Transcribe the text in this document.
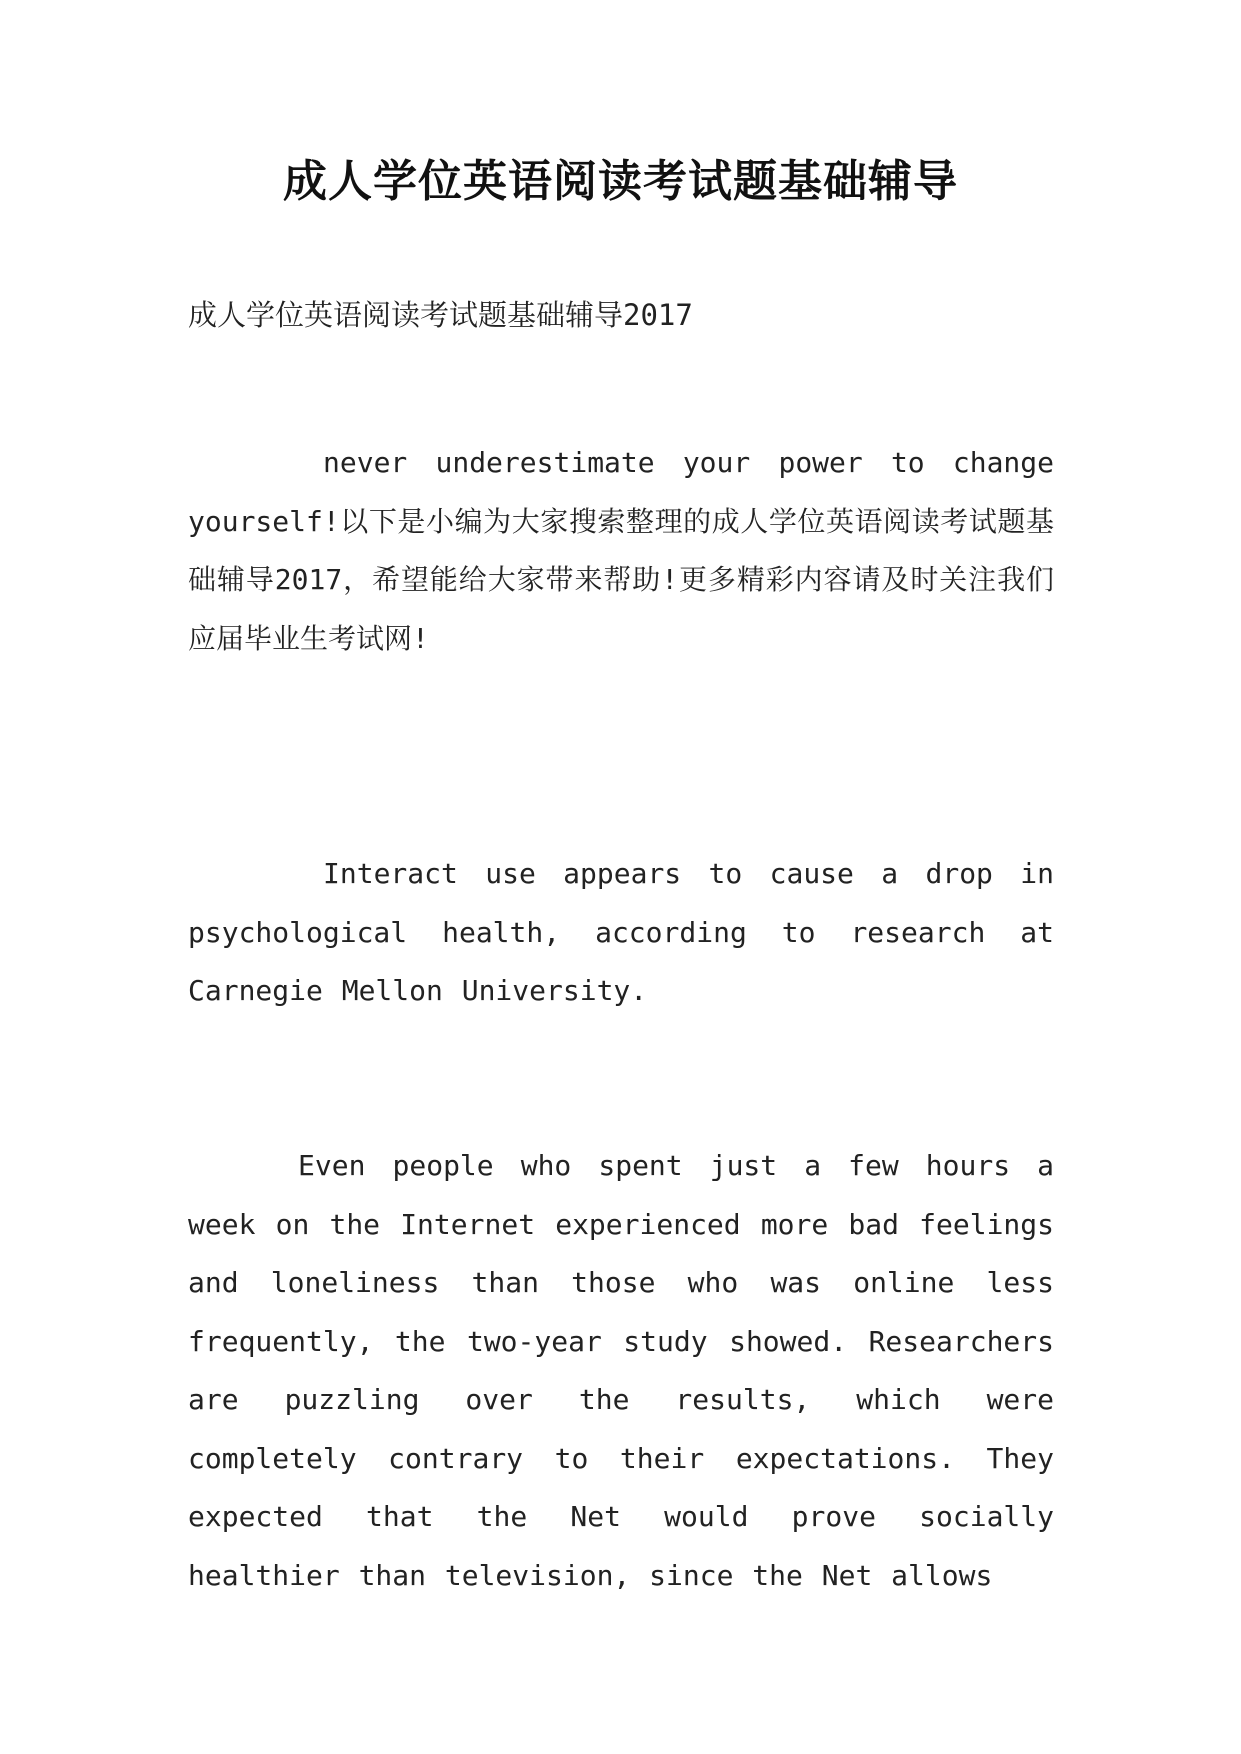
成人学位英语阅读考试题基础辅导
成人学位英语阅读考试题基础辅导2017

never underestimate your power to change yourself!以下是小编为大家搜索整理的成人学位英语阅读考试题基础辅导2017，希望能给大家带来帮助!更多精彩内容请及时关注我们应届毕业生考试网!

Interact use appears to cause a drop in psychological health, according to research at Carnegie Mellon University.

Even people who spent just a few hours a week on the Internet experienced more bad feelings and loneliness than those who was online less frequently, the two-year study showed. Researchers are puzzling over the results, which were completely contrary to their expectations. They expected that the Net would prove socially healthier than television, since the Net allows
